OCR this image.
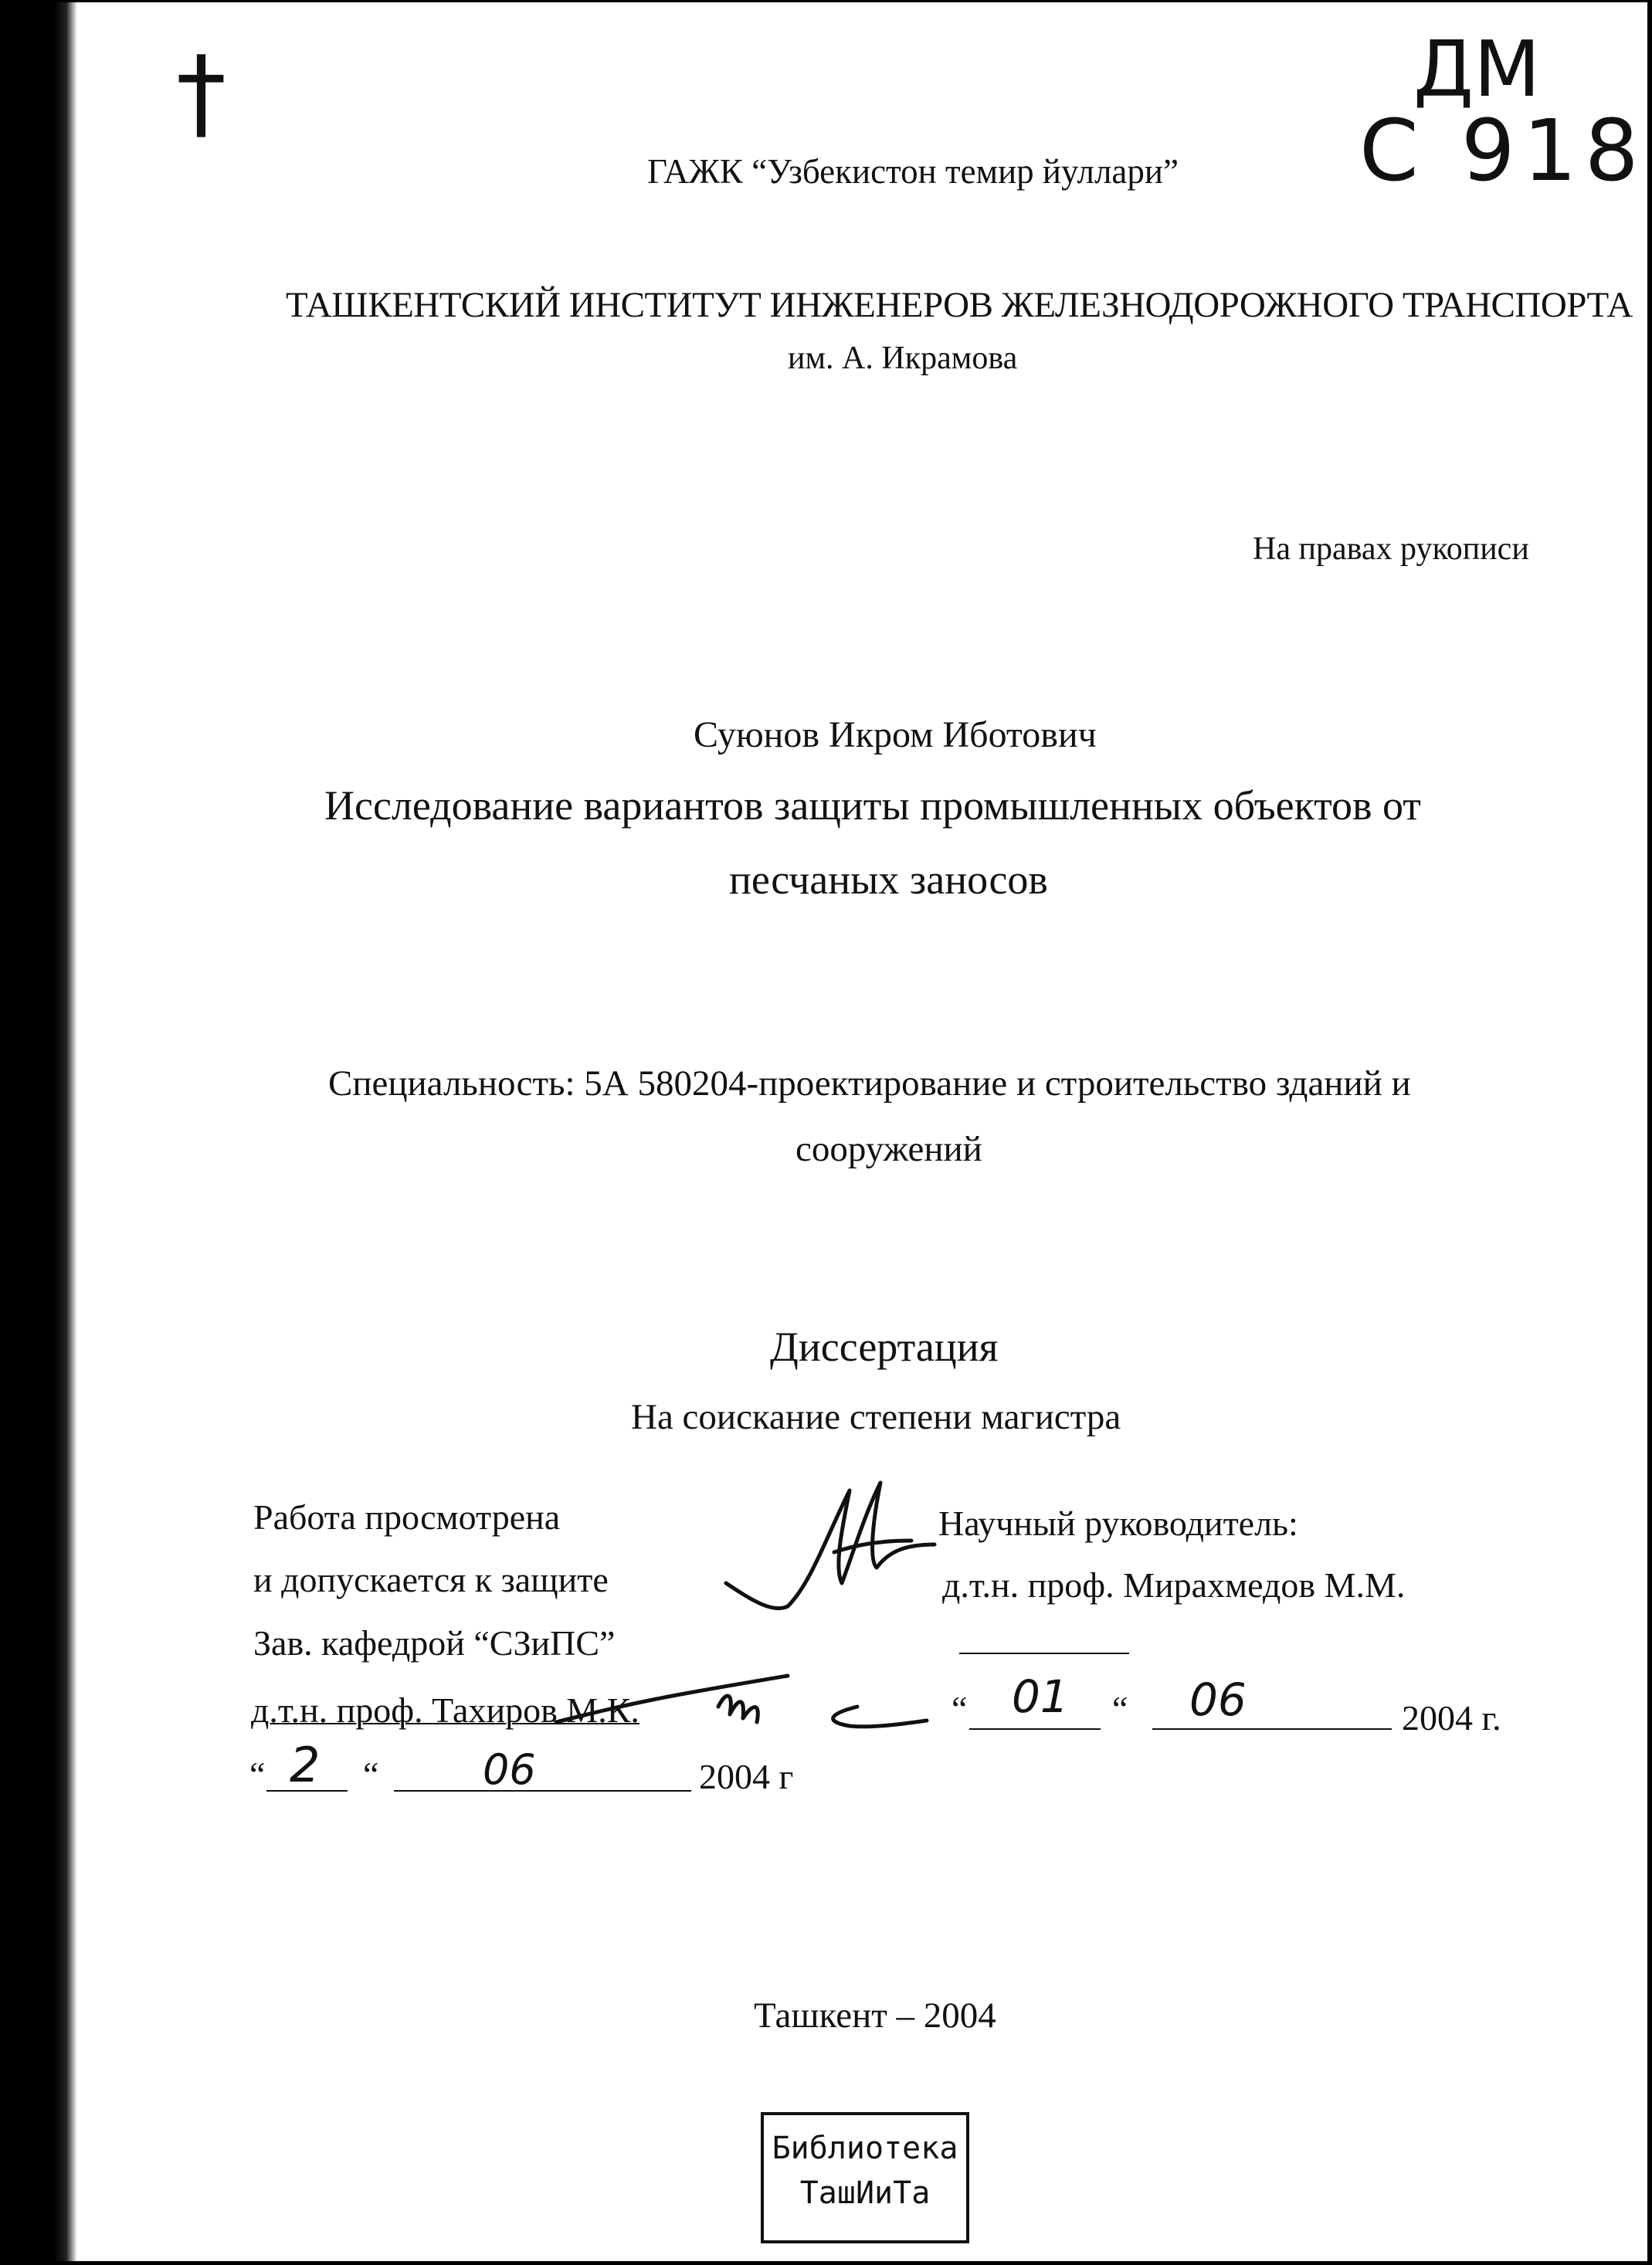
†	ДМ
С 918
ГАЖК “Узбекистон темир йуллари”
ТАШКЕНТСКИЙ ИНСТИТУТ ИНЖЕНЕРОВ ЖЕЛЕЗНОДОРОЖНОГО ТРАНСПОРТА
им. А. Икрамова
На правах рукописи
Суюнов Икром Иботович
Исследование вариантов защиты промышленных объектов от
песчаных заносов
Специальность: 5А 580204-проектирование и строительство зданий и
сооружений
Диссертация
На соискание степени магистра
Работа просмотрена
и допускается к защите
Зав. кафедрой “СЗиПС”
д.т.н. проф. Тахиров М.К.
Научный руководитель:
д.т.н. проф. Мирахмедов М.М.
“ 2 “ 06	2004 г
“ 01 “ 06	2004 г.
Ташкент – 2004
Библиотека
ТашИиТа
